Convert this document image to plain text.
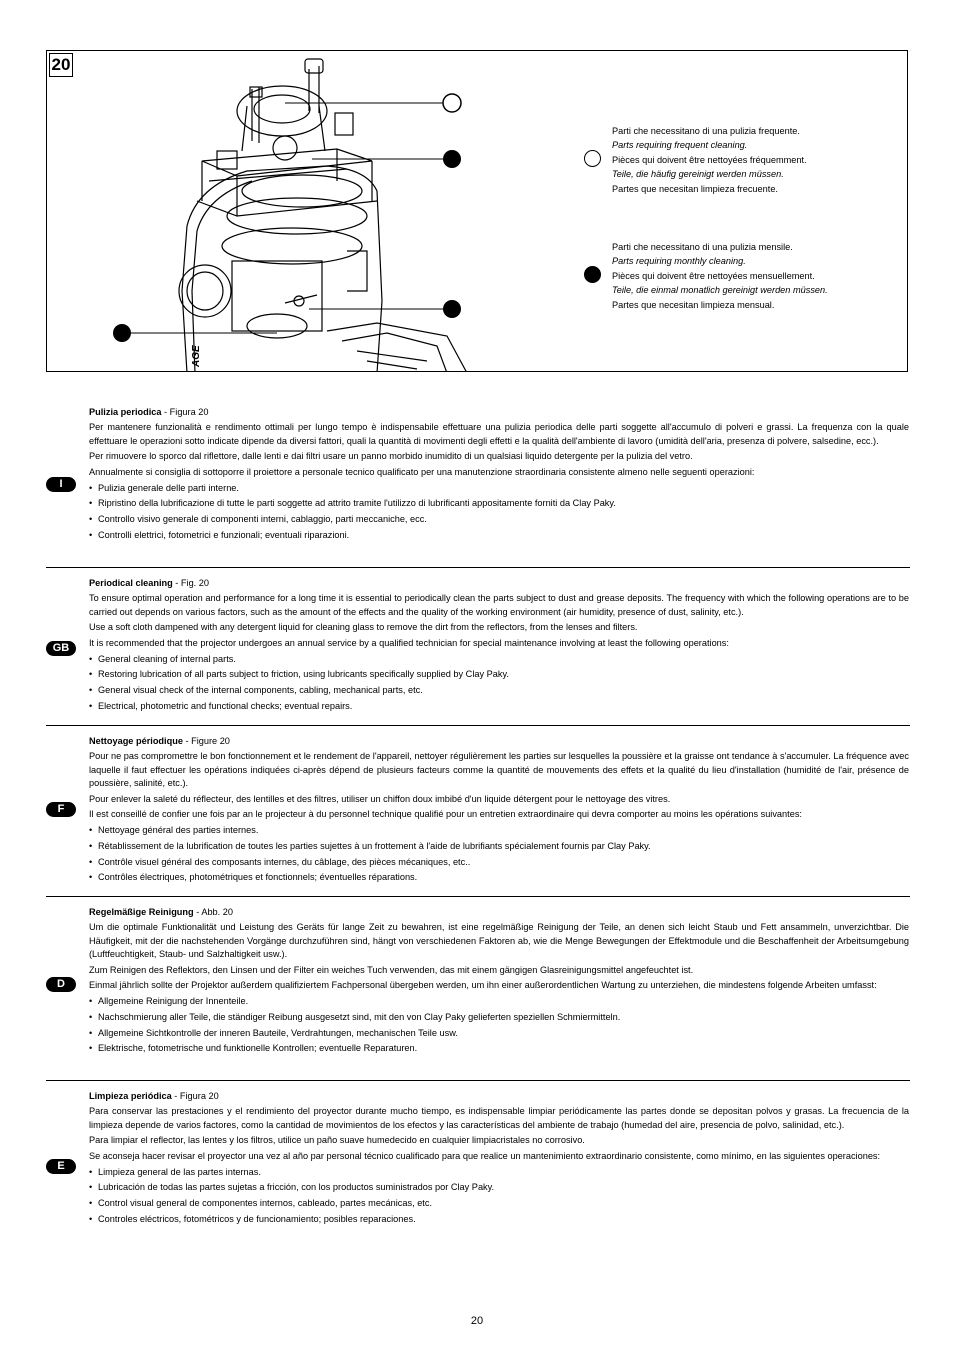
AGE
20
Parti che necessitano di una pulizia frequente.
Parts requiring frequent cleaning.
Pièces qui doivent être nettoyées fréquemment.
Teile, die häufig gereinigt werden müssen.
Partes que necesitan limpieza frecuente.
Parti che necessitano di una pulizia mensile.
Parts requiring monthly cleaning.
Pièces qui doivent être nettoyées mensuellement.
Teile, die einmal monatlich gereinigt werden müssen.
Partes que necesitan limpieza mensual.
I

Pulizia periodica - Figura 20

Per mantenere funzionalità e rendimento ottimali per lungo tempo è indispensabile effettuare una pulizia periodica delle parti soggette all'accumulo di polveri e grassi. La frequenza con la quale effettuare le operazioni sotto indicate dipende da diversi fattori, quali la quantità di movimenti degli effetti e la qualità dell'ambiente di lavoro (umidità dell'aria, presenza di polvere, salsedine, ecc.).

Per rimuovere lo sporco dal riflettore, dalle lenti e dai filtri usare un panno morbido inumidito di un qualsiasi liquido detergente per la pulizia del vetro.

Annualmente si consiglia di sottoporre il proiettore a personale tecnico qualificato per una manutenzione straordinaria consistente almeno nelle seguenti operazioni:

• Pulizia generale delle parti interne.
• Ripristino della lubrificazione di tutte le parti soggette ad attrito tramite l'utilizzo di lubrificanti appositamente forniti da Clay Paky.
• Controllo visivo generale di componenti interni, cablaggio, parti meccaniche, ecc.
• Controlli elettrici, fotometrici e funzionali; eventuali riparazioni.
GB

Periodical cleaning - Fig. 20

To ensure optimal operation and performance for a long time it is essential to periodically clean the parts subject to dust and grease deposits. The frequency with which the following operations are to be carried out depends on various factors, such as the amount of the effects and the quality of the working environment (air humidity, presence of dust, salinity, etc.).

Use a soft cloth dampened with any detergent liquid for cleaning glass to remove the dirt from the reflectors, from the lenses and filters.

It is recommended that the projector undergoes an annual service by a qualified technician for special maintenance involving at least the following operations:

• General cleaning of internal parts.
• Restoring lubrication of all parts subject to friction, using lubricants specifically supplied by Clay Paky.
• General visual check of the internal components, cabling, mechanical parts, etc.
• Electrical, photometric and functional checks; eventual repairs.
F

Nettoyage périodique - Figure 20

Pour ne pas compromettre le bon fonctionnement et le rendement de l'appareil, nettoyer régulièrement les parties sur lesquelles la poussière et la graisse ont tendance à s'accumuler. La fréquence avec laquelle il faut effectuer les opérations indiquées ci-après dépend de plusieurs facteurs comme la quantité de mouvements des effets et la qualité du lieu d'installation (humidité de l'air, présence de poussière, salinité, etc.).

Pour enlever la saleté du réflecteur, des lentilles et des filtres, utiliser un chiffon doux imbibé d'un liquide détergent pour le nettoyage des vitres.

Il est conseillé de confier une fois par an le projecteur à du personnel technique qualifié pour un entretien extraordinaire qui devra comporter au moins les opérations suivantes:

• Nettoyage général des parties internes.
• Rétablissement de la lubrification de toutes les parties sujettes à un frottement à l'aide de lubrifiants spécialement fournis par Clay Paky.
• Contrôle visuel général des composants internes, du câblage, des pièces mécaniques, etc..
• Contrôles électriques, photométriques et fonctionnels; éventuelles réparations.
D

Regelmäßige Reinigung - Abb. 20

Um die optimale Funktionalität und Leistung des Geräts für lange Zeit zu bewahren, ist eine regelmäßige Reinigung der Teile, an denen sich leicht Staub und Fett ansammeln, unverzichtbar. Die Häufigkeit, mit der die nachstehenden Vorgänge durchzuführen sind, hängt von verschiedenen Faktoren ab, wie die Menge Bewegungen der Effektmodule und die Beschaffenheit der Arbeitsumgebung (Luftfeuchtigkeit, Staub- und Salzhaltigkeit usw.).

Zum Reinigen des Reflektors, den Linsen und der Filter ein weiches Tuch verwenden, das mit einem gängigen Glasreinigungsmittel angefeuchtet ist.

Einmal jährlich sollte der Projektor außerdem qualifiziertem Fachpersonal übergeben werden, um ihn einer außerordentlichen Wartung zu unterziehen, die mindestens folgende Arbeiten umfasst:

• Allgemeine Reinigung der Innenteile.
• Nachschmierung aller Teile, die ständiger Reibung ausgesetzt sind, mit den von Clay Paky gelieferten speziellen Schmiermitteln.
• Allgemeine Sichtkontrolle der inneren Bauteile, Verdrahtungen, mechanischen Teile usw.
• Elektrische, fotometrische und funktionelle Kontrollen; eventuelle Reparaturen.
E

Limpieza periódica - Figura 20

Para conservar las prestaciones y el rendimiento del proyector durante mucho tiempo, es indispensable limpiar periódicamente las partes donde se depositan polvos y grasas. La frecuencia de la limpieza depende de varios factores, como la cantidad de movimientos de los efectos y las características del ambiente de trabajo (humedad del aire, presencia de polvo, salinidad, etc.).

Para limpiar el reflector, las lentes y los filtros, utilice un paño suave humedecido en cualquier limpiacristales no corrosivo.

Se aconseja hacer revisar el proyector una vez al año par personal técnico cualificado para que realice un mantenimiento extraordinario consistente, como mínimo, en las siguientes operaciones:

• Limpieza general de las partes internas.
• Lubricación de todas las partes sujetas a fricción, con los productos suministrados por Clay Paky.
• Control visual general de componentes internos, cableado, partes mecánicas, etc.
• Controles eléctricos, fotométricos y de funcionamiento; posibles reparaciones.
20
